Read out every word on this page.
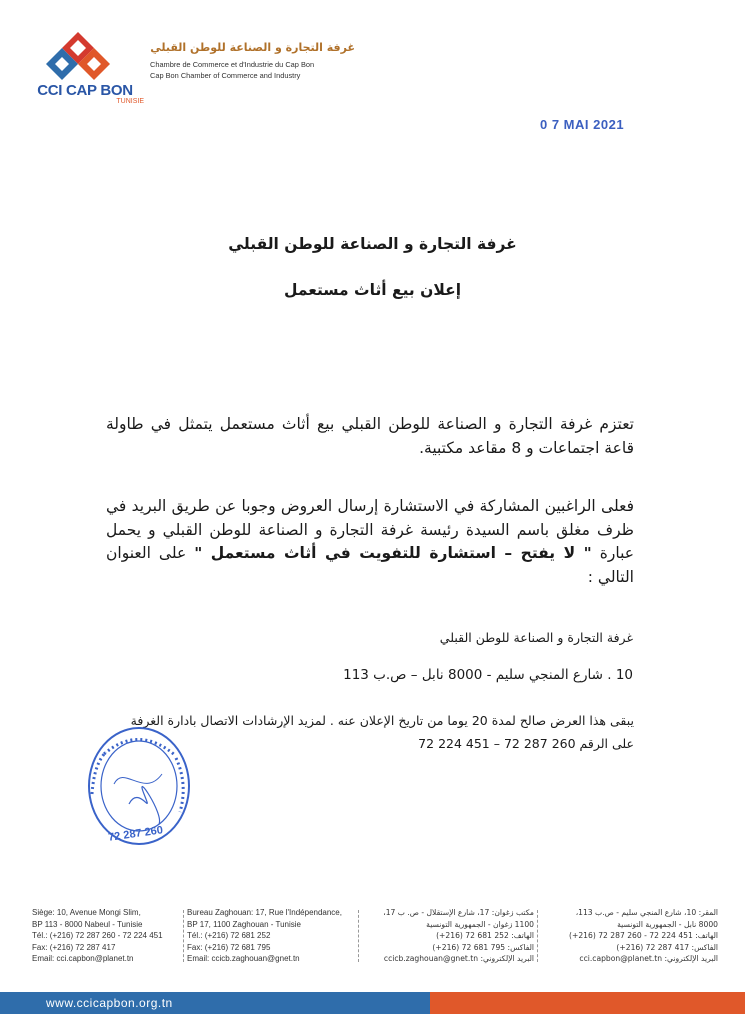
CCI CAP BON
TUNISIE
غرفة التجارة و الصناعة للوطن القبلي
Chambre de Commerce et d'Industrie du Cap Bon
Cap Bon Chamber of Commerce and Industry
0 7 MAI 2021
غرفة التجارة و الصناعة للوطن القبلي
إعلان بيع أثاث مستعمل
تعتزم غرفة التجارة و الصناعة للوطن القبلي بيع أثاث مستعمل يتمثل في طاولة قاعة اجتماعات و 8 مقاعد مكتبية.
فعلى الراغبين المشاركة في الاستشارة إرسال العروض وجوبا عن طريق البريد في ظرف مغلق باسم السيدة رئيسة غرفة التجارة و الصناعة للوطن القبلي و يحمل عبارة " لا يفتح – استشارة للتفويت في أثاث مستعمل " على العنوان التالي :
غرفة التجارة و الصناعة للوطن القبلي
10 . شارع المنجي سليم - 8000 نابل – ص.ب 113
يبقى هذا العرض صالح لمدة 20 يوما من تاريخ الإعلان عنه . لمزيد الإرشادات الاتصال بادارة الغرفة
على الرقم 260 287 72 – 451 224 72
72 287 260
Siège: 10, Avenue Mongi Slim,
BP 113 - 8000 Nabeul - Tunisie
Tél.: (+216) 72 287 260 - 72 224 451
Fax: (+216) 72 287 417
Email: cci.capbon@planet.tn
Bureau Zaghouan: 17, Rue l'Indépendance,
BP 17, 1100 Zaghouan - Tunisie
Tél.: (+216) 72 681 252
Fax: (+216) 72 681 795
Email: ccicb.zaghouan@gnet.tn
مكتب زغوان: 17، شارع الإستقلال - ص. ب 17،
1100 زغوان - الجمهورية التونسية
الهاتف: 252 681 72 (216+)
الفاكس: 795 681 72 (216+)
البريد الإلكتروني: ccicb.zaghouan@gnet.tn
المقر: 10، شارع المنجي سليم - ص.ب 113،
8000 نابل - الجمهورية التونسية
الهاتف: 451 224 72 - 260 287 72 (216+)
الفاكس: 417 287 72 (216+)
البريد الإلكتروني: cci.capbon@planet.tn
www.ccicapbon.org.tn
